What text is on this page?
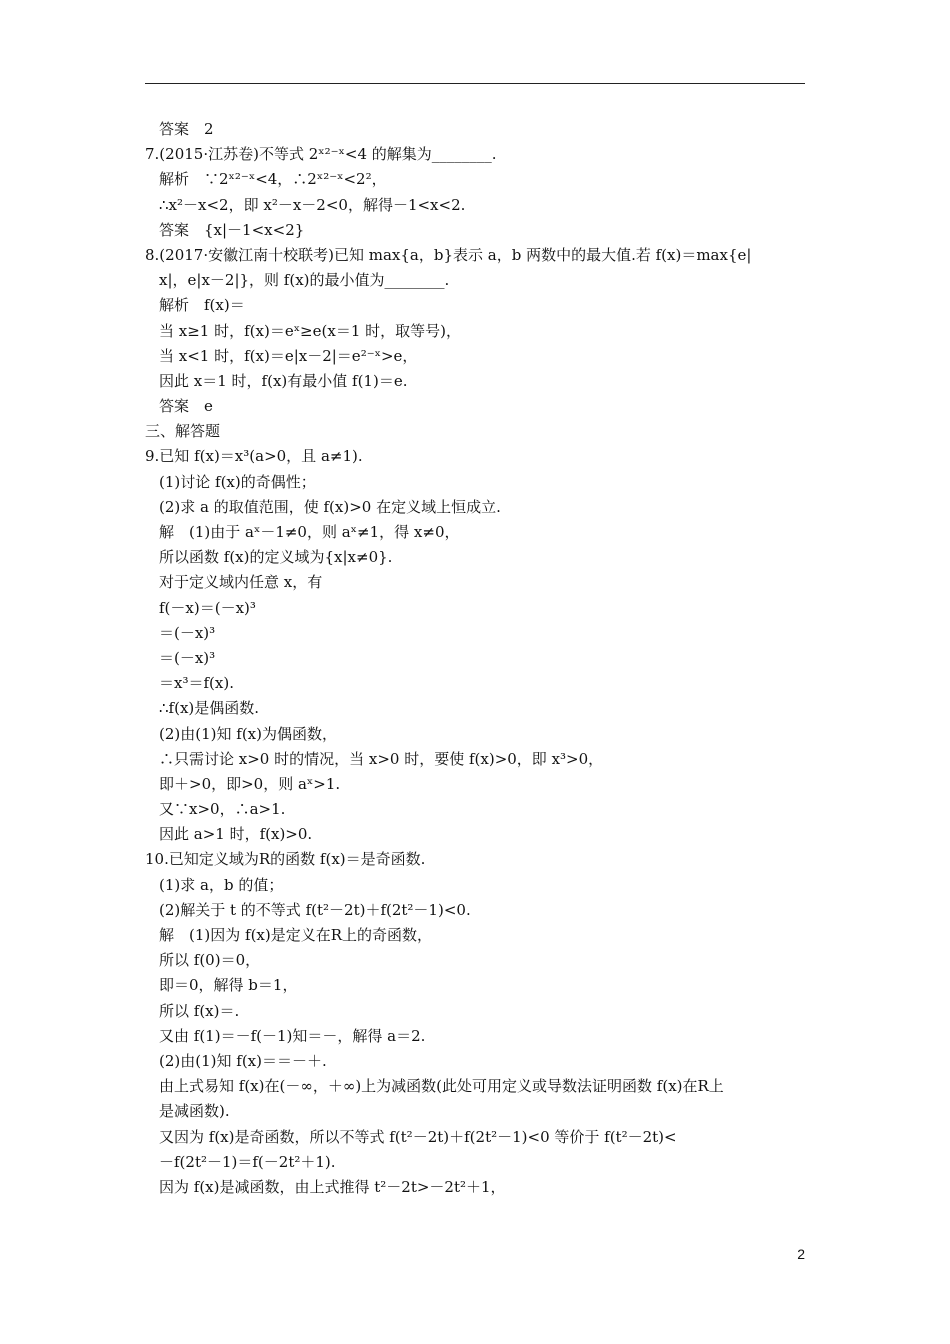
答案　2
7.(2015·江苏卷)不等式 2ˣ²⁻ˣ<4 的解集为________.
解析　∵2ˣ²⁻ˣ<4，∴2ˣ²⁻ˣ<2²，
∴x²－x<2，即 x²－x－2<0，解得－1<x<2.
答案　{x|－1<x<2}
8.(2017·安徽江南十校联考)已知 max{a，b}表示 a，b 两数中的最大值.若 f(x)＝max{e|
x|，e|x－2|}，则 f(x)的最小值为________.
解析　f(x)＝
当 x≥1 时，f(x)＝eˣ≥e(x＝1 时，取等号)，
当 x<1 时，f(x)＝e|x－2|＝e²⁻ˣ>e，
因此 x＝1 时，f(x)有最小值 f(1)＝e.
答案　e
三、解答题
9.已知 f(x)＝x³(a>0，且 a≠1).
(1)讨论 f(x)的奇偶性；
(2)求 a 的取值范围，使 f(x)>0 在定义域上恒成立.
解　(1)由于 aˣ－1≠0，则 aˣ≠1，得 x≠0，
所以函数 f(x)的定义域为{x|x≠0}.
对于定义域内任意 x，有
f(－x)＝(－x)³
＝(－x)³
＝(－x)³
＝x³＝f(x).
∴f(x)是偶函数.
(2)由(1)知 f(x)为偶函数，
∴只需讨论 x>0 时的情况，当 x>0 时，要使 f(x)>0，即 x³>0，
即＋>0，即>0，则 aˣ>1.
又∵x>0，∴a>1.
因此 a>1 时，f(x)>0.
10.已知定义域为R的函数 f(x)＝是奇函数.
(1)求 a，b 的值；
(2)解关于 t 的不等式 f(t²－2t)＋f(2t²－1)<0.
解　(1)因为 f(x)是定义在R上的奇函数，
所以 f(0)＝0，
即＝0，解得 b＝1，
所以 f(x)＝.
又由 f(1)＝－f(－1)知＝－，解得 a＝2.
(2)由(1)知 f(x)＝＝－＋.
由上式易知 f(x)在(－∞，＋∞)上为减函数(此处可用定义或导数法证明函数 f(x)在R上
是减函数).
又因为 f(x)是奇函数，所以不等式 f(t²－2t)＋f(2t²－1)<0 等价于 f(t²－2t)<
－f(2t²－1)＝f(－2t²＋1).
因为 f(x)是减函数，由上式推得 t²－2t>－2t²＋1，
2
